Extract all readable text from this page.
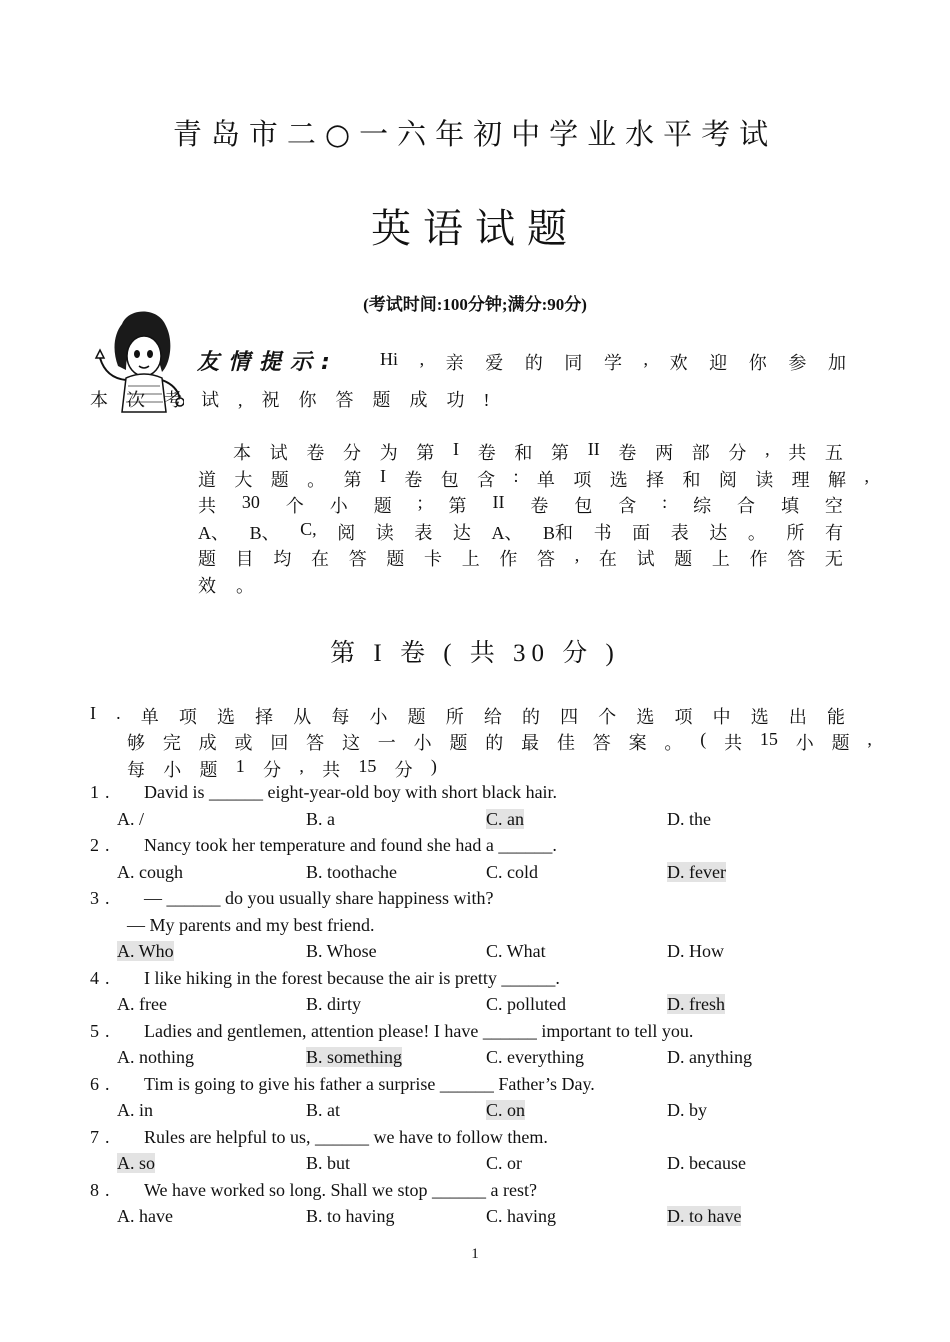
青岛市二○一六年初中学业水平考试
英语试题
(考试时间:100分钟;满分:90分)
友情提示: Hi , 亲 爱 的 同 学 , 欢 迎 你 参 加
本次考试,祝你答题成功!
本 试 卷 分 为 第 I 卷 和 第 II 卷 两 部 分 , 共 五
道 大 题 。 第 I 卷 包 含 : 单 项 选 择 和 阅 读 理 解 ,
共 30 个 小 题 ; 第 II 卷 包 含 : 综 合 填 空
A、 B、 C, 阅 读 表 达 A、 B和 书 面 表 达 。 所 有
题 目 均 在 答 题 卡 上 作 答 , 在 试 题 上 作 答 无
效 。
第 I 卷 ( 共 30 分 )
I . 单 项 选 择 从 每 小 题 所 给 的 四 个 选 项 中 选 出 能
够 完 成 或 回 答 这 一 小 题 的 最 佳 答 案 。 ( 共 15 小 题 ,
每 小 题 1 分 , 共 15 分 )
1. David is ______ eight-year-old boy with short black hair.
A. /	B. a	C. an	D. the
2. Nancy took her temperature and found she had a ______.
A. cough	B. toothache	C. cold	D. fever
3. — ______ do you usually share happiness with?
— My parents and my best friend.
A. Who	B. Whose	C. What	D. How
4. I like hiking in the forest because the air is pretty ______.
A. free	B. dirty	C. polluted	D. fresh
5. Ladies and gentlemen, attention please! I have ______ important to tell you.
A. nothing	B. something	C. everything	D. anything
6. Tim is going to give his father a surprise ______ Father’s Day.
A. in	B. at	C. on	D. by
7. Rules are helpful to us, ______ we have to follow them.
A. so	B. but	C. or	D. because
8. We have worked so long. Shall we stop ______ a rest?
A. have	B. to having	C. having	D. to have
1
